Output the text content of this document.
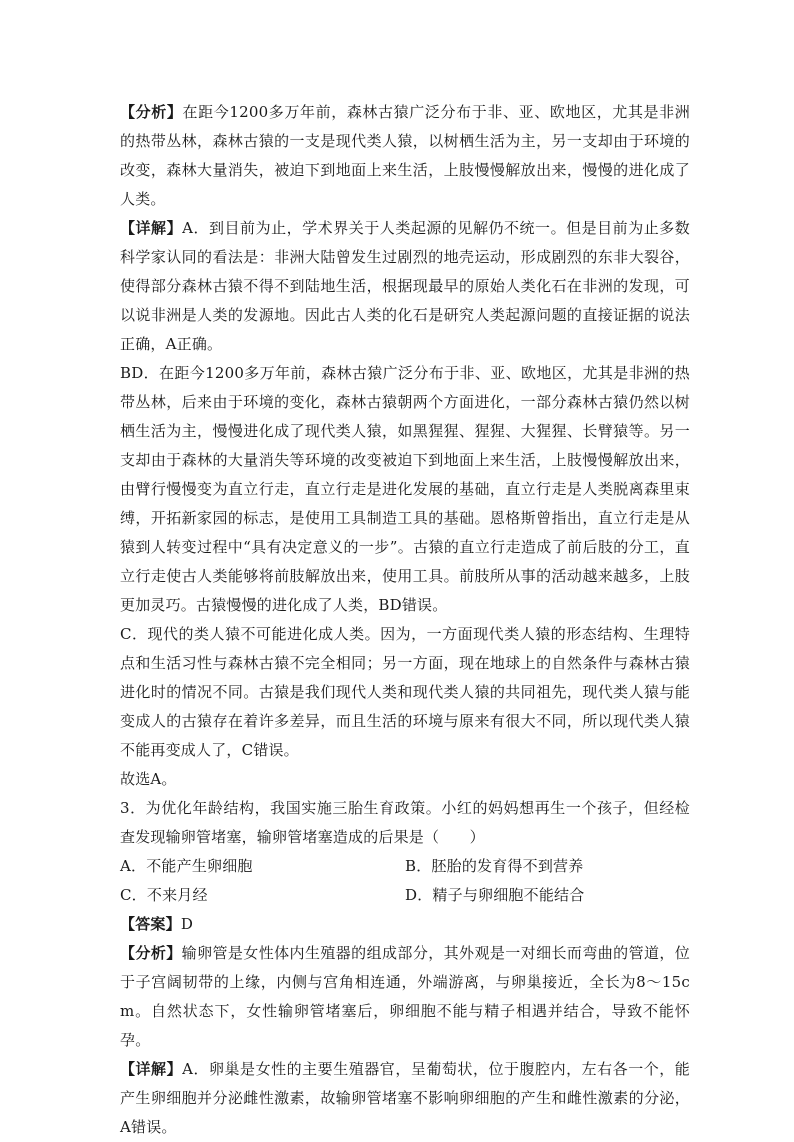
【分析】在距今1200多万年前，森林古猿广泛分布于非、亚、欧地区，尤其是非洲的热带丛林，森林古猿的一支是现代类人猿，以树栖生活为主，另一支却由于环境的改变，森林大量消失，被迫下到地面上来生活，上肢慢慢解放出来，慢慢的进化成了人类。

【详解】A．到目前为止，学术界关于人类起源的见解仍不统一。但是目前为止多数科学家认同的看法是：非洲大陆曾发生过剧烈的地壳运动，形成剧烈的东非大裂谷，使得部分森林古猿不得不到陆地生活，根据现最早的原始人类化石在非洲的发现，可以说非洲是人类的发源地。因此古人类的化石是研究人类起源问题的直接证据的说法正确，A正确。

BD．在距今1200多万年前，森林古猿广泛分布于非、亚、欧地区，尤其是非洲的热带丛林，后来由于环境的变化，森林古猿朝两个方面进化，一部分森林古猿仍然以树栖生活为主，慢慢进化成了现代类人猿，如黑猩猩、猩猩、大猩猩、长臂猿等。另一支却由于森林的大量消失等环境的改变被迫下到地面上来生活，上肢慢慢解放出来，由臂行慢慢变为直立行走，直立行走是进化发展的基础，直立行走是人类脱离森里束缚，开拓新家园的标志，是使用工具制造工具的基础。恩格斯曾指出，直立行走是从猿到人转变过程中“具有决定意义的一步”。古猿的直立行走造成了前后肢的分工，直立行走使古人类能够将前肢解放出来，使用工具。前肢所从事的活动越来越多，上肢更加灵巧。古猿慢慢的进化成了人类，BD错误。

C．现代的类人猿不可能进化成人类。因为，一方面现代类人猿的形态结构、生理特点和生活习性与森林古猿不完全相同；另一方面，现在地球上的自然条件与森林古猿进化时的情况不同。古猿是我们现代人类和现代类人猿的共同祖先，现代类人猿与能变成人的古猿存在着许多差异，而且生活的环境与原来有很大不同，所以现代类人猿不能再变成人了，C错误。

故选A。

3．为优化年龄结构，我国实施三胎生育政策。小红的妈妈想再生一个孩子，但经检查发现输卵管堵塞，输卵管堵塞造成的后果是（　　）

A．不能产生卵细胞	B．胚胎的发育得不到营养
C．不来月经	D．精子与卵细胞不能结合

【答案】D

【分析】输卵管是女性体内生殖器的组成部分，其外观是一对细长而弯曲的管道，位于子宫阔韧带的上缘，内侧与宫角相连通，外端游离，与卵巢接近，全长为8～15cm。自然状态下，女性输卵管堵塞后，卵细胞不能与精子相遇并结合，导致不能怀孕。

【详解】A．卵巢是女性的主要生殖器官，呈葡萄状，位于腹腔内，左右各一个，能产生卵细胞并分泌雌性激素，故输卵管堵塞不影响卵细胞的产生和雌性激素的分泌，A错误。
